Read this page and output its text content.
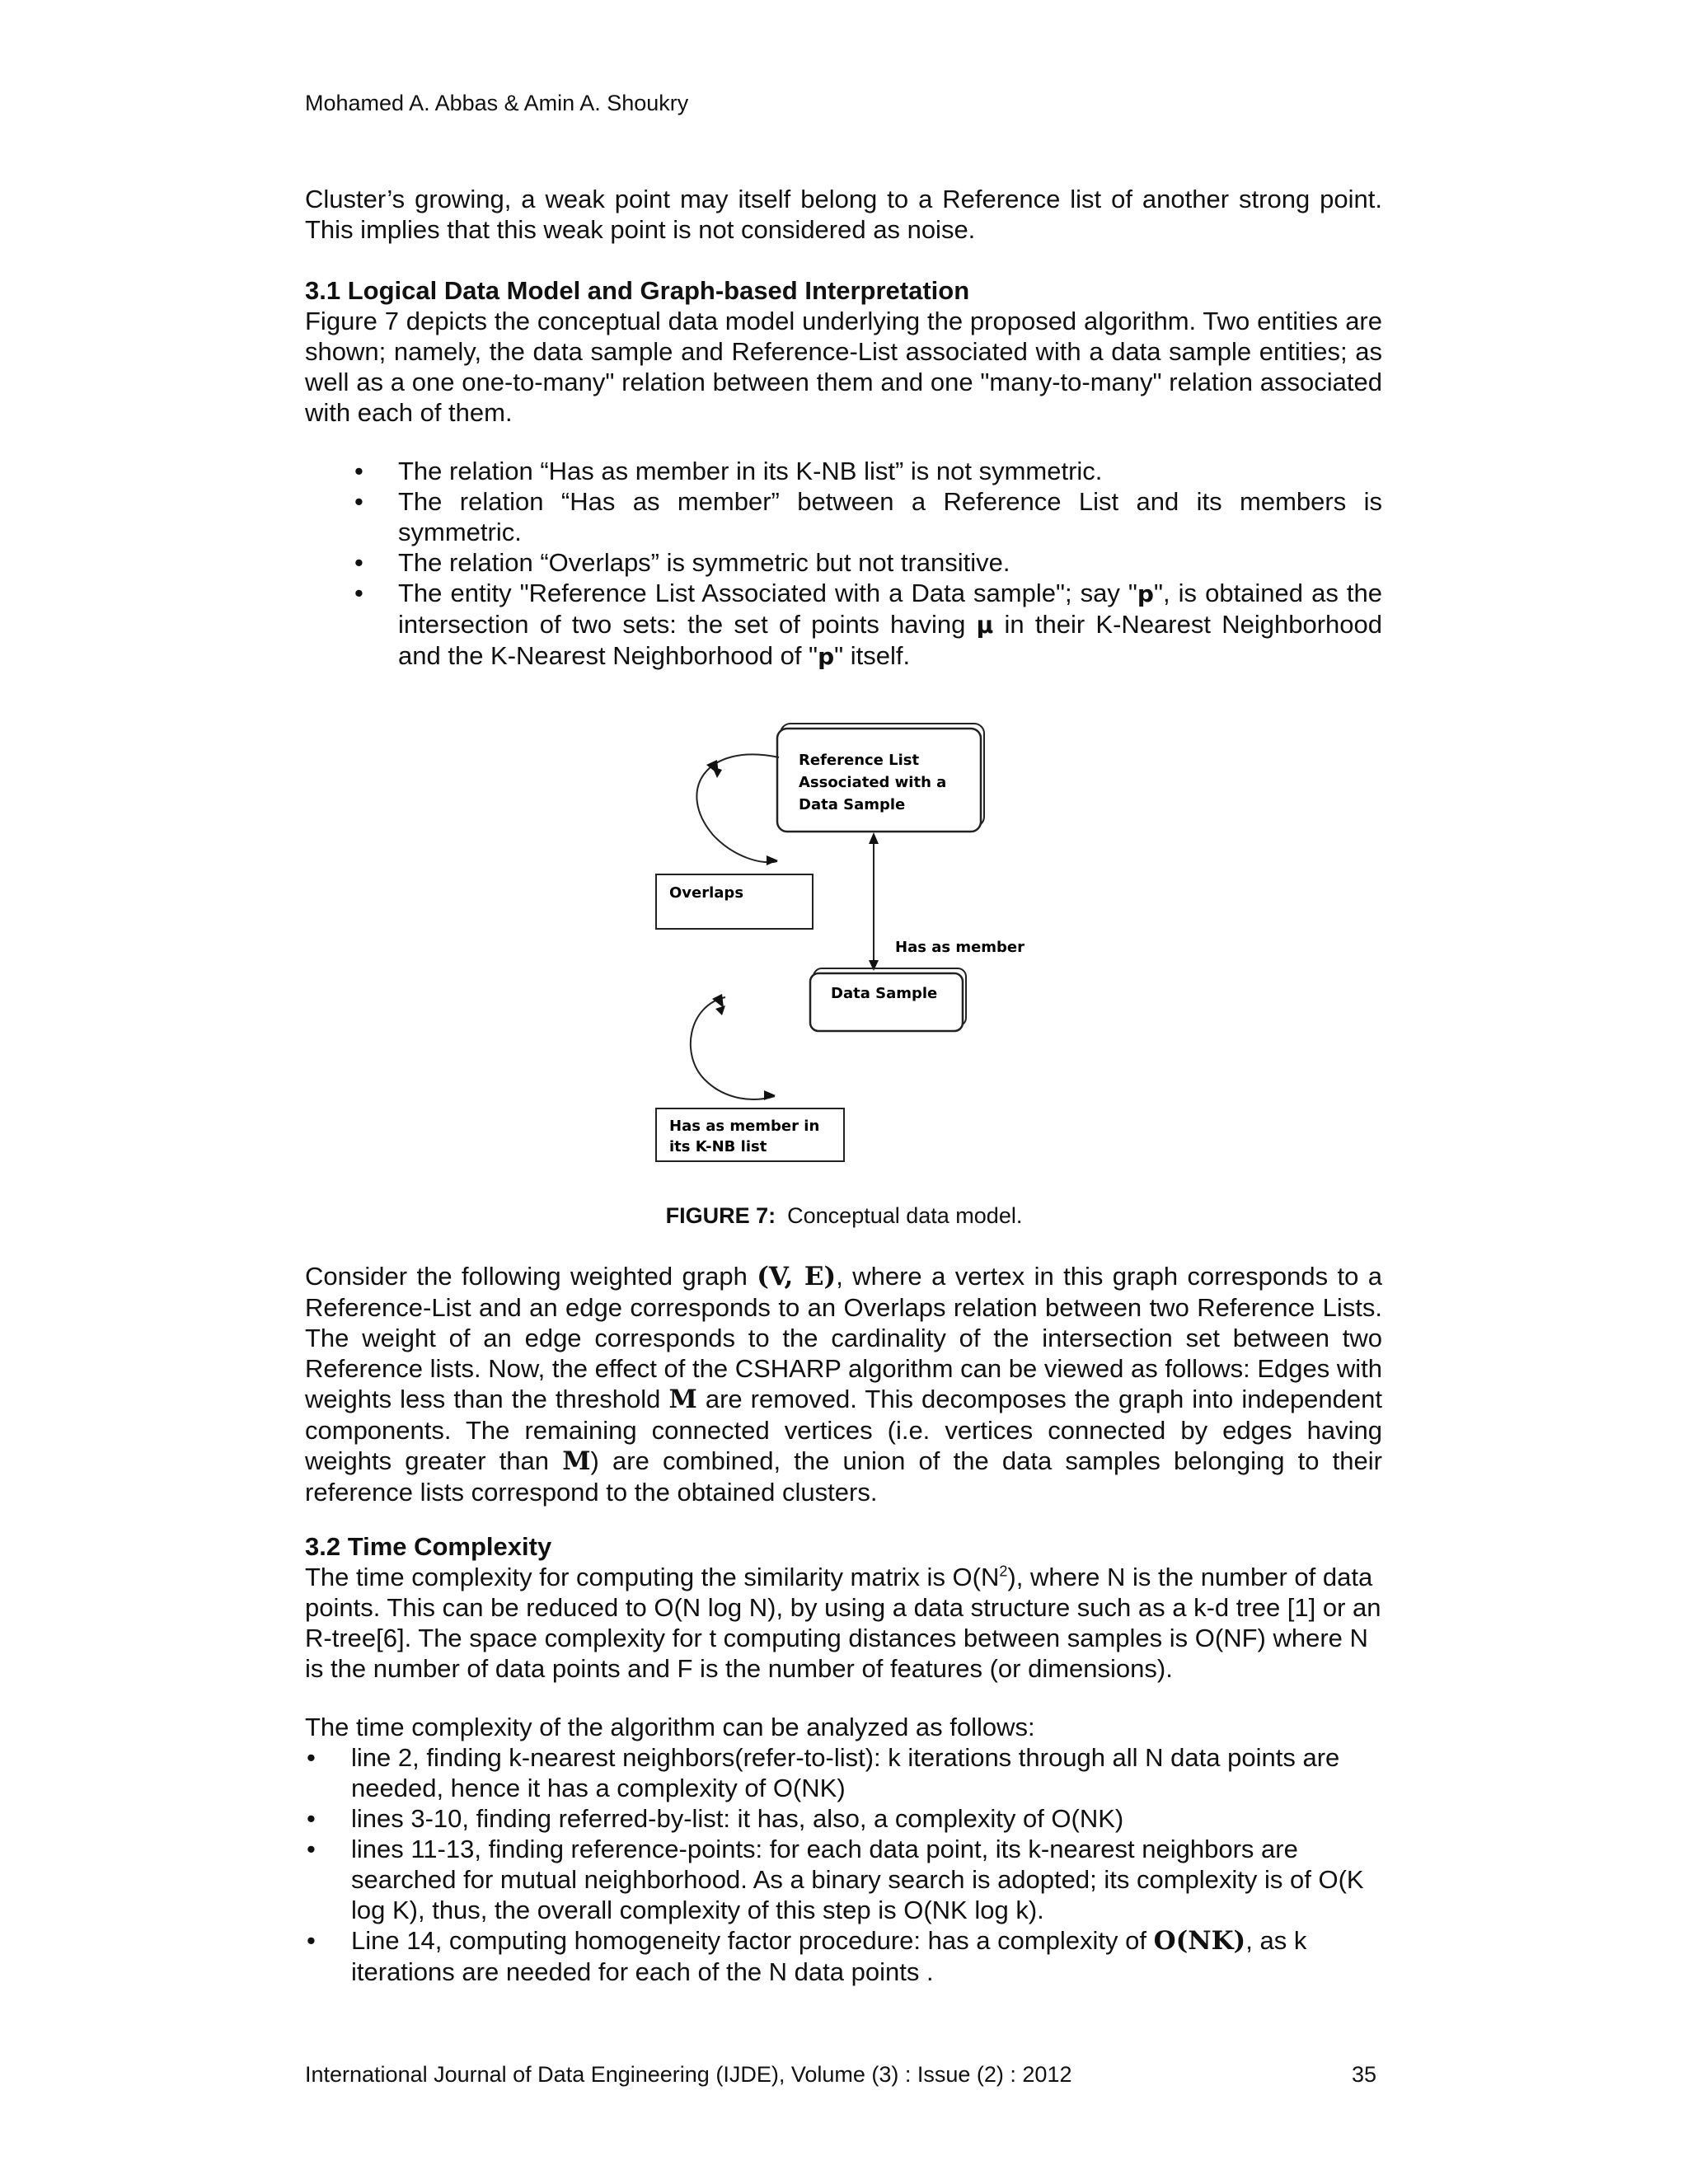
Mohamed A. Abbas & Amin A. Shoukry
Cluster’s growing, a weak point may itself belong to a Reference list of another strong point. This implies that this weak point is not considered as noise.
3.1 Logical Data Model and Graph-based Interpretation
Figure 7 depicts the conceptual data model underlying the proposed algorithm. Two entities are shown; namely, the data sample and Reference-List associated with a data sample entities; as well as a one one-to-many" relation between them and one "many-to-many" relation associated with each of them.
• The relation “Has as member in its K-NB list” is not symmetric.
• The relation “Has as member” between a Reference List and its members is symmetric.
• The relation “Overlaps” is symmetric but not transitive.
• The entity "Reference List Associated with a Data sample"; say "p", is obtained as the intersection of two sets: the set of points having μ in their K-Nearest Neighborhood and the K-Nearest Neighborhood of "p" itself.
Reference List
Associated with a
Data Sample
Overlaps
Has as member
Data Sample
Has as member in
its K-NB list
FIGURE 7: Conceptual data model.
Consider the following weighted graph (V, E), where a vertex in this graph corresponds to a Reference-List and an edge corresponds to an Overlaps relation between two Reference Lists. The weight of an edge corresponds to the cardinality of the intersection set between two Reference lists. Now, the effect of the CSHARP algorithm can be viewed as follows: Edges with weights less than the threshold M are removed. This decomposes the graph into independent components. The remaining connected vertices (i.e. vertices connected by edges having weights greater than M) are combined, the union of the data samples belonging to their reference lists correspond to the obtained clusters.
3.2 Time Complexity
The time complexity for computing the similarity matrix is $O(N^2)$, where N is the number of data points. This can be reduced to O(N log N), by using a data structure such as a k-d tree [1] or an R-tree[6]. The space complexity for t computing distances between samples is O(NF) where N is the number of data points and F is the number of features (or dimensions).
The time complexity of the algorithm can be analyzed as follows:
• line 2, finding k-nearest neighbors(refer-to-list): k iterations through all N data points are needed, hence it has a complexity of O(NK)
• lines 3-10, finding referred-by-list: it has, also, a complexity of O(NK)
• lines 11-13, finding reference-points: for each data point, its k-nearest neighbors are searched for mutual neighborhood. As a binary search is adopted; its complexity is of O(K log K), thus, the overall complexity of this step is O(NK log k).
• Line 14, computing homogeneity factor procedure: has a complexity of O(NK), as k iterations are needed for each of the N data points .
International Journal of Data Engineering (IJDE), Volume (3) : Issue (2) : 2012	35
